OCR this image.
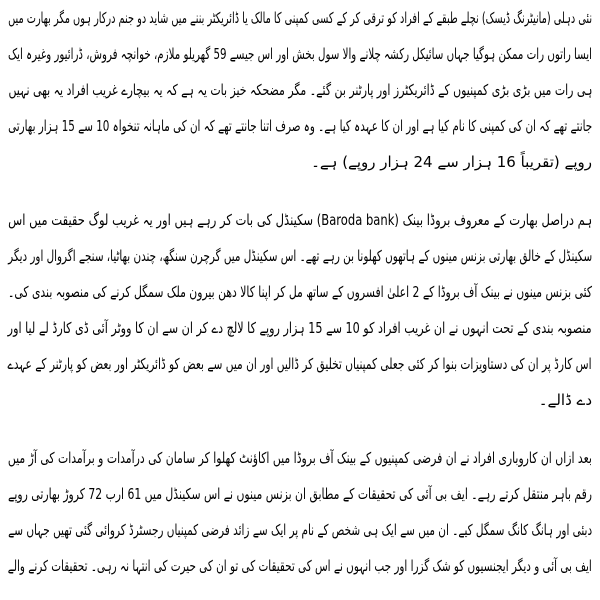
نئی دہلی (مانیٹرنگ ڈیسک) نچلے طبقے کے افراد کو ترقی کر کے کسی کمپنی کا مالک یا ڈائریکٹر بننے میں شاید دو جنم درکار ہوں مگر بھارت میں
ایسا راتوں رات ممکن ہوگیا جہاں سائیکل رکشہ چلانے والا سول بخش اور اس جیسے 59 گھریلو ملازم، خوانچہ فروش، ڈرائیور وغیرہ ایک
ہی رات میں بڑی بڑی کمپنیوں کے ڈائریکٹرز اور پارٹنر بن گئے۔ مگر مضحکہ خیز بات یہ ہے کہ یہ بیچارے غریب افراد یہ بھی نہیں
جانتے تھے کہ ان کی کمپنی کا نام کیا ہے اور ان کا عہدہ کیا ہے۔ وہ صرف اتنا جانتے تھے کہ ان کی ماہانہ تنخواہ 10 سے 15 ہزار بھارتی
روپے (تقریباً 16 ہزار سے 24 ہزار روپے) ہے۔
ہم دراصل بھارت کے معروف بروڈا بینک (Baroda bank) سکینڈل کی بات کر رہے ہیں اور یہ غریب لوگ حقیقت میں اس
سکینڈل کے خالق بھارتی بزنس مینوں کے ہاتھوں کھلونا بن رہے تھے۔ اس سکینڈل میں گرچرن سنگھ، چندن بھاٹیا، سنجے اگروال اور دیگر
کئی بزنس مینوں نے بینک آف بروڈا کے 2 اعلیٰ افسروں کے ساتھ مل کر اپنا کالا دھن بیرون ملک سمگل کرنے کی منصوبہ بندی کی۔
منصوبہ بندی کے تحت انہوں نے ان غریب افراد کو 10 سے 15 ہزار روپے کا لالچ دے کر ان سے ان کا ووٹر آئی ڈی کارڈ لے لیا اور
اس کارڈ پر ان کی دستاویزات بنوا کر کئی جعلی کمپنیاں تخلیق کر ڈالیں اور ان میں سے بعض کو ڈائریکٹر اور بعض کو پارٹنر کے عہدے
دے ڈالے۔
بعد ازاں ان کاروباری افراد نے ان فرضی کمپنیوں کے بینک آف بروڈا میں اکاؤنٹ کھلوا کر سامان کی درآمدات و برآمدات کی آڑ میں
رقم باہر منتقل کرتے رہے۔ ایف بی آئی کی تحقیقات کے مطابق ان بزنس مینوں نے اس سکینڈل میں 61 ارب 72 کروڑ بھارتی روپے
دبئی اور ہانگ کانگ سمگل کیے۔ ان میں سے ایک ہی شخص کے نام پر ایک سے زائد فرضی کمپنیاں رجسٹرڈ کروائی گئی تھیں جہاں سے
ایف بی آئی و دیگر ایجنسیوں کو شک گزرا اور جب انہوں نے اس کی تحقیقات کی تو ان کی حیرت کی انتہا نہ رہی۔ تحقیقات کرنے والے
